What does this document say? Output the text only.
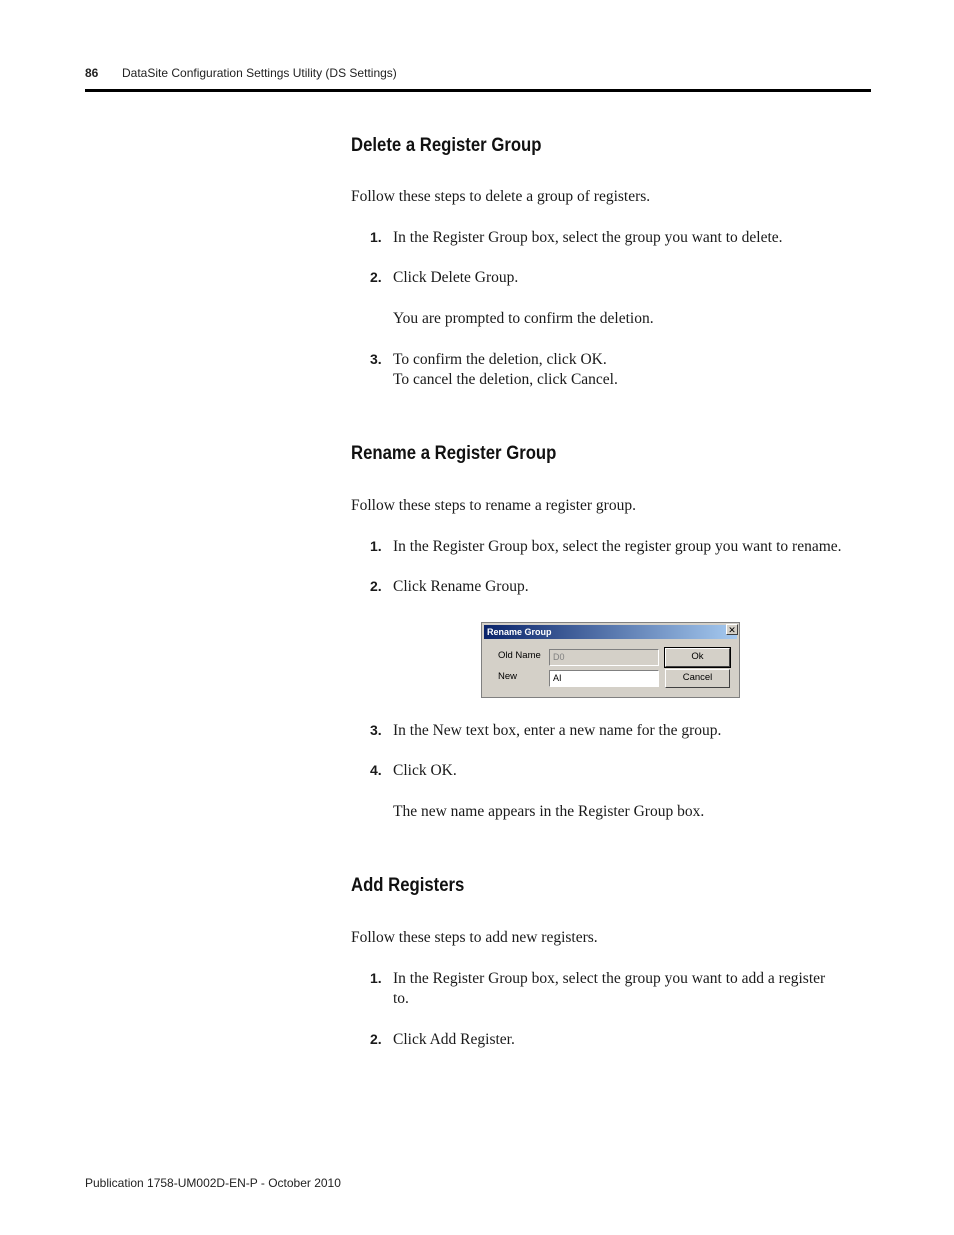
86 DataSite Configuration Settings Utility (DS Settings)
Delete a Register Group
Follow these steps to delete a group of registers.
1. In the Register Group box, select the group you want to delete.
2. Click Delete Group.
You are prompted to confirm the deletion.
3. To confirm the deletion, click OK.
To cancel the deletion, click Cancel.
Rename a Register Group
Follow these steps to rename a register group.
1. In the Register Group box, select the register group you want to rename.
2. Click Rename Group.
Rename Group	✕
Old Name	D0
New	AI
Ok
Cancel
3. In the New text box, enter a new name for the group.
4. Click OK.
The new name appears in the Register Group box.
Add Registers
Follow these steps to add new registers.
1. In the Register Group box, select the group you want to add a register
to.
2. Click Add Register.
Publication 1758-UM002D-EN-P - October 2010
